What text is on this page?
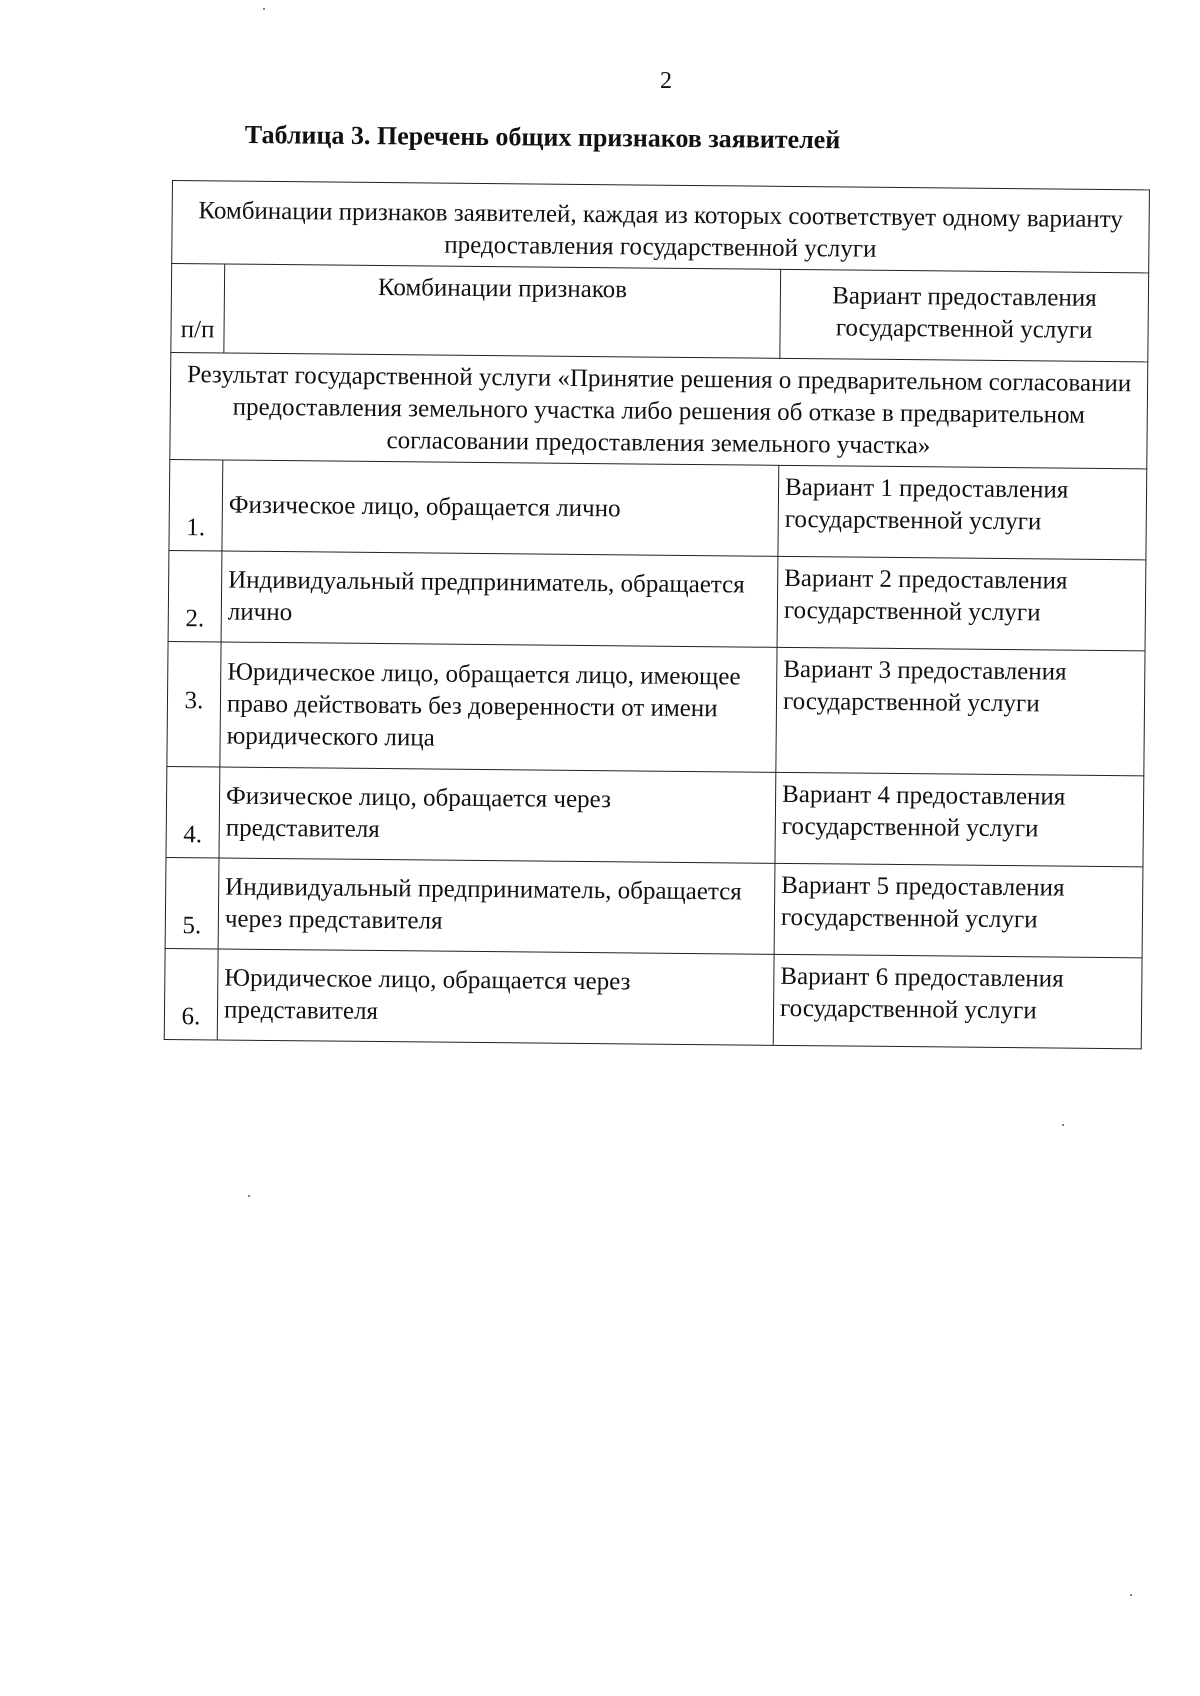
2
Таблица 3. Перечень общих признаков заявителей
Комбинации признаков заявителей, каждая из которых соответствует одному варианту предоставления государственной услуги		
п/п	Комбинации признаков	Вариант предоставления государственной услуги
Результат государственной услуги «Принятие решения о предварительном согласовании предоставления земельного участка либо решения об отказе в предварительном согласовании предоставления земельного участка»		
1.	Физическое лицо, обращается лично	Вариант 1 предоставления государственной услуги
2.	Индивидуальный предприниматель, обращается лично	Вариант 2 предоставления государственной услуги
3.	Юридическое лицо, обращается лицо, имеющее право действовать без доверенности от имени юридического лица	Вариант 3 предоставления государственной услуги
4.	Физическое лицо, обращается через представителя	Вариант 4 предоставления государственной услуги
5.	Индивидуальный предприниматель, обращается через представителя	Вариант 5 предоставления государственной услуги
6.	Юридическое лицо, обращается через представителя	Вариант 6 предоставления государственной услуги
